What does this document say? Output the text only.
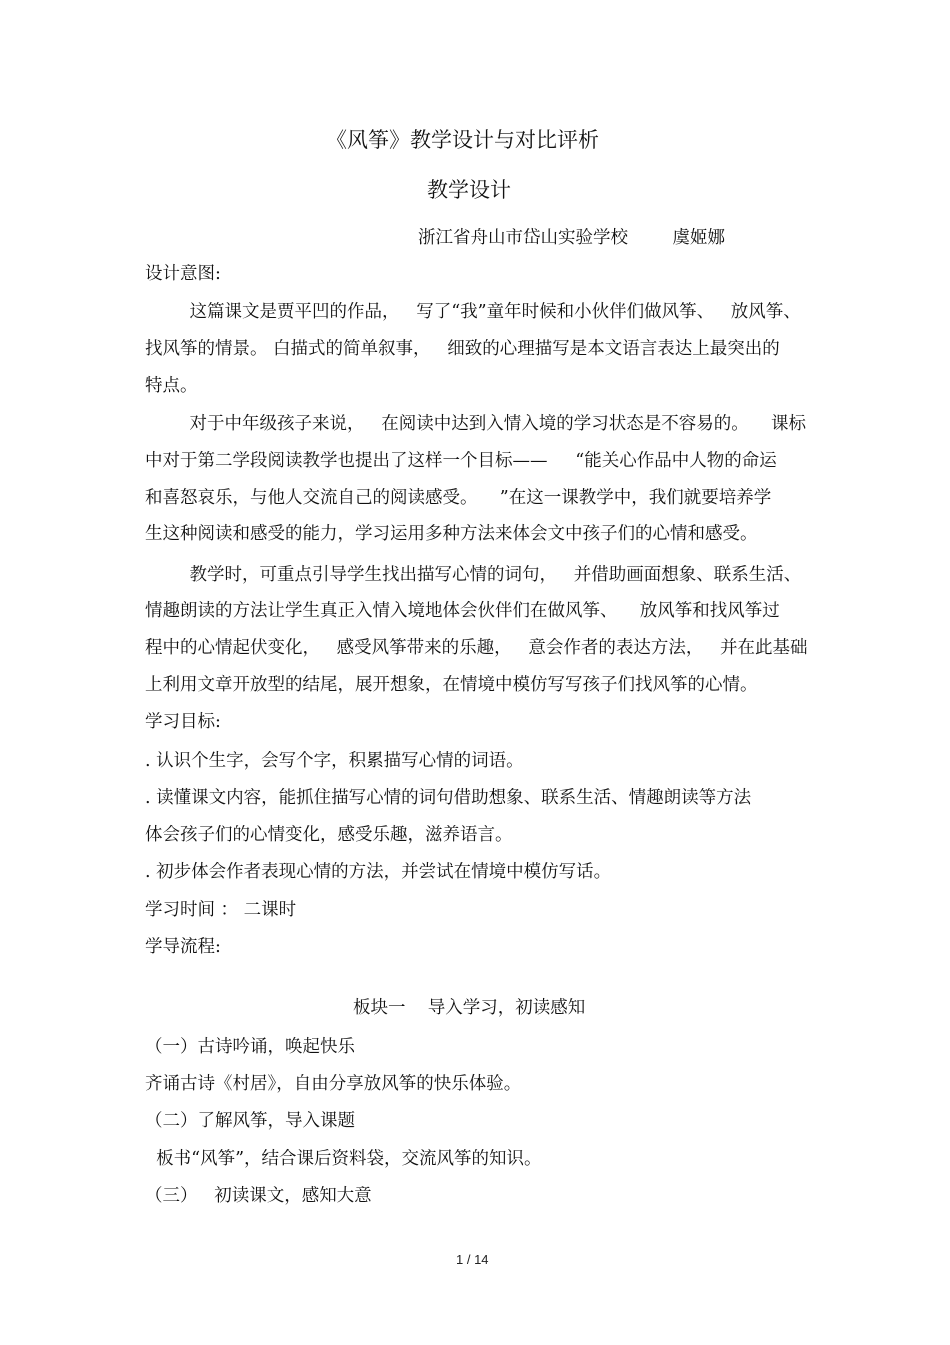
《风筝》教学设计与对比评析
教学设计
浙江省舟山市岱山实验学校        虞姬娜
设计意图:
这篇课文是贾平凹的作品，   写了“我”童年时候和小伙伴们做风筝、   放风筝、
找风筝的情景。 白描式的简单叙事，   细致的心理描写是本文语言表达上最突出的
特点。
对于中年级孩子来说，   在阅读中达到入情入境的学习状态是不容易的。    课标
中对于第二学段阅读教学也提出了这样一个目标——     “能关心作品中人物的命运
和喜怒哀乐，与他人交流自己的阅读感受。    ”在这一课教学中，我们就要培养学
生这种阅读和感受的能力，学习运用多种方法来体会文中孩子们的心情和感受。
教学时，可重点引导学生找出描写心情的词句，   并借助画面想象、联系生活、
情趣朗读的方法让学生真正入情入境地体会伙伴们在做风筝、    放风筝和找风筝过
程中的心情起伏变化，   感受风筝带来的乐趣，   意会作者的表达方法，   并在此基础
上利用文章开放型的结尾，展开想象，在情境中模仿写写孩子们找风筝的心情。
学习目标:
. 认识个生字，会写个字，积累描写心情的词语。
. 读懂课文内容，能抓住描写心情的词句借助想象、联系生活、情趣朗读等方法
体会孩子们的心情变化，感受乐趣，滋养语言。
. 初步体会作者表现心情的方法，并尝试在情境中模仿写话。
学习时间 ： 二课时
学导流程:
板块一    导入学习，初读感知
（一）古诗吟诵，唤起快乐
齐诵古诗《村居》，自由分享放风筝的快乐体验。
（二）了解风筝，导入课题
板书“风筝”，结合课后资料袋，交流风筝的知识。
（三）   初读课文，感知大意
1 / 14
